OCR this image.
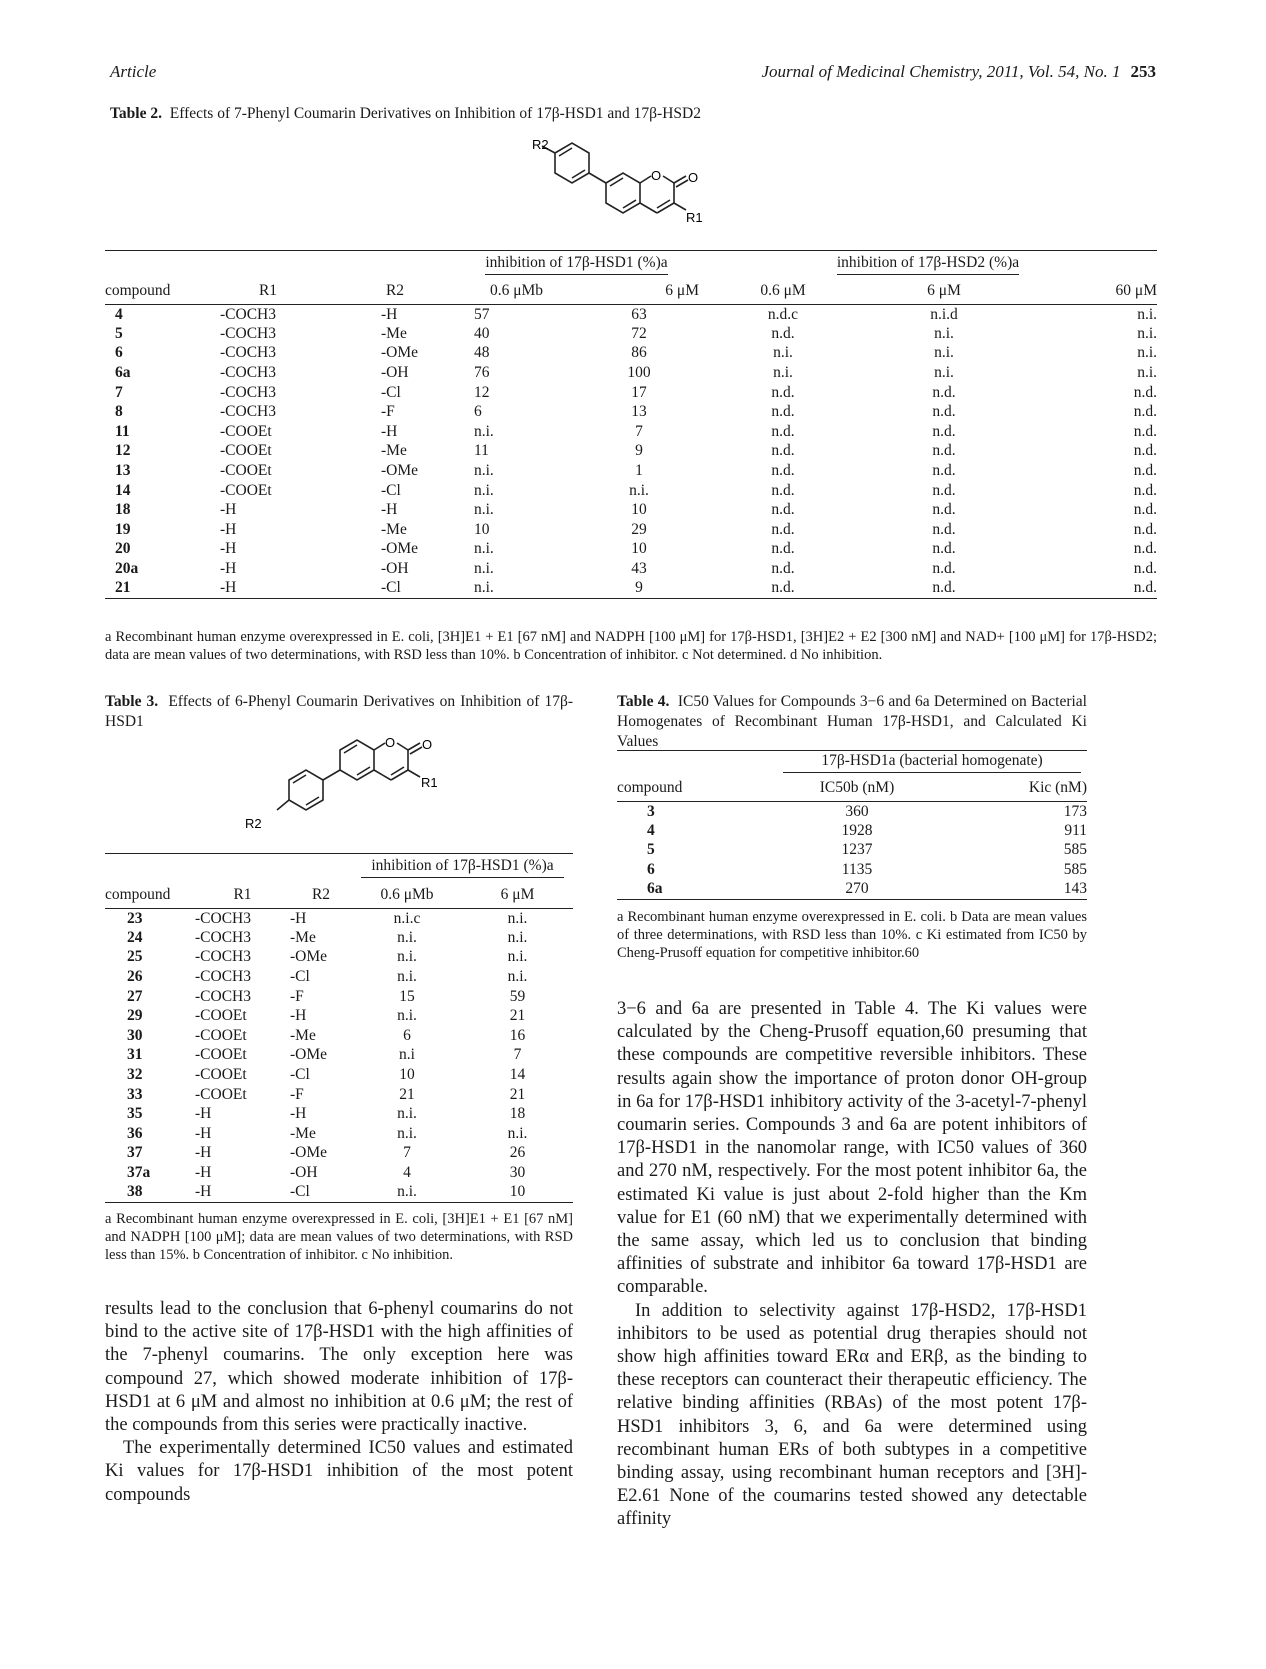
Article	Journal of Medicinal Chemistry, 2011, Vol. 54, No. 1 253
Table 2. Effects of 7-Phenyl Coumarin Derivatives on Inhibition of 17β-HSD1 and 17β-HSD2
R2
O O
R1
			inhibition of 17β-HSD1 (%)a		inhibition of 17β-HSD2 (%)a		
compound	R1	R2	0.6 μMb	6 μM	0.6 μM	6 μM	60 μM
4	-COCH3	-H	57	63	n.d.c	n.i.d	n.i.
5	-COCH3	-Me	40	72	n.d.	n.i.	n.i.
6	-COCH3	-OMe	48	86	n.i.	n.i.	n.i.
6a	-COCH3	-OH	76	100	n.i.	n.i.	n.i.
7	-COCH3	-Cl	12	17	n.d.	n.d.	n.d.
8	-COCH3	-F	6	13	n.d.	n.d.	n.d.
11	-COOEt	-H	n.i.	7	n.d.	n.d.	n.d.
12	-COOEt	-Me	11	9	n.d.	n.d.	n.d.
13	-COOEt	-OMe	n.i.	1	n.d.	n.d.	n.d.
14	-COOEt	-Cl	n.i.	n.i.	n.d.	n.d.	n.d.
18	-H	-H	n.i.	10	n.d.	n.d.	n.d.
19	-H	-Me	10	29	n.d.	n.d.	n.d.
20	-H	-OMe	n.i.	10	n.d.	n.d.	n.d.
20a	-H	-OH	n.i.	43	n.d.	n.d.	n.d.
21	-H	-Cl	n.i.	9	n.d.	n.d.	n.d.
a Recombinant human enzyme overexpressed in E. coli, [3H]E1 + E1 [67 nM] and NADPH [100 μM] for 17β-HSD1, [3H]E2 + E2 [300 nM] and NAD+ [100 μM] for 17β-HSD2; data are mean values of two determinations, with RSD less than 10%. b Concentration of inhibitor. c Not determined. d No inhibition.
Table 3. Effects of 6-Phenyl Coumarin Derivatives on Inhibition of 17β-HSD1
O O
R1
R2
			inhibition of 17β-HSD1 (%)a	
compound	R1	R2	0.6 μMb	6 μM
23	-COCH3	-H	n.i.c	n.i.
24	-COCH3	-Me	n.i.	n.i.
25	-COCH3	-OMe	n.i.	n.i.
26	-COCH3	-Cl	n.i.	n.i.
27	-COCH3	-F	15	59
29	-COOEt	-H	n.i.	21
30	-COOEt	-Me	6	16
31	-COOEt	-OMe	n.i	7
32	-COOEt	-Cl	10	14
33	-COOEt	-F	21	21
35	-H	-H	n.i.	18
36	-H	-Me	n.i.	n.i.
37	-H	-OMe	7	26
37a	-H	-OH	4	30
38	-H	-Cl	n.i.	10
a Recombinant human enzyme overexpressed in E. coli, [3H]E1 + E1 [67 nM] and NADPH [100 μM]; data are mean values of two determinations, with RSD less than 15%. b Concentration of inhibitor. c No inhibition.
Table 4. IC50 Values for Compounds 3−6 and 6a Determined on Bacterial Homogenates of Recombinant Human 17β-HSD1, and Calculated Ki Values
	17β-HSD1a (bacterial homogenate)	
compound	IC50b (nM)	Kic (nM)
3	360	173
4	1928	911
5	1237	585
6	1135	585
6a	270	143
a Recombinant human enzyme overexpressed in E. coli. b Data are mean values of three determinations, with RSD less than 10%. c Ki estimated from IC50 by Cheng-Prusoff equation for competitive inhibitor.60

results lead to the conclusion that 6-phenyl coumarins do not bind to the active site of 17β-HSD1 with the high affinities of the 7-phenyl coumarins. The only exception here was compound 27, which showed moderate inhibition of 17β-HSD1 at 6 μM and almost no inhibition at 0.6 μM; the rest of the compounds from this series were practically inactive.

The experimentally determined IC50 values and estimated Ki values for 17β-HSD1 inhibition of the most potent compounds

3−6 and 6a are presented in Table 4. The Ki values were calculated by the Cheng-Prusoff equation,60 presuming that these compounds are competitive reversible inhibitors. These results again show the importance of proton donor OH-group in 6a for 17β-HSD1 inhibitory activity of the 3-acetyl-7-phenyl coumarin series. Compounds 3 and 6a are potent inhibitors of 17β-HSD1 in the nanomolar range, with IC50 values of 360 and 270 nM, respectively. For the most potent inhibitor 6a, the estimated Ki value is just about 2-fold higher than the Km value for E1 (60 nM) that we experimentally determined with the same assay, which led us to conclusion that binding affinities of substrate and inhibitor 6a toward 17β-HSD1 are comparable.

In addition to selectivity against 17β-HSD2, 17β-HSD1 inhibitors to be used as potential drug therapies should not show high affinities toward ERα and ERβ, as the binding to these receptors can counteract their therapeutic efficiency. The relative binding affinities (RBAs) of the most potent 17β-HSD1 inhibitors 3, 6, and 6a were determined using recombinant human ERs of both subtypes in a competitive binding assay, using recombinant human receptors and [3H]-E2.61 None of the coumarins tested showed any detectable affinity
